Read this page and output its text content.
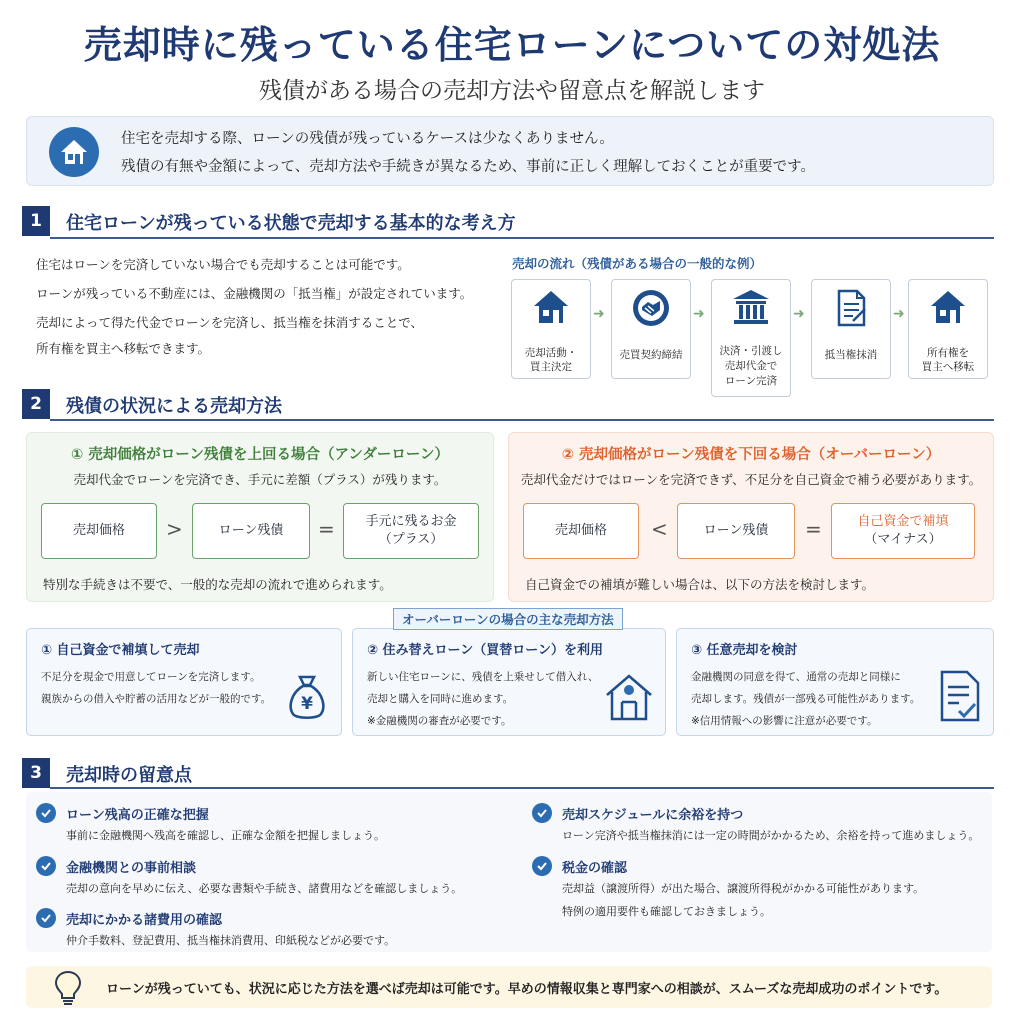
売却時に残っている住宅ローンについての対処法
残債がある場合の売却方法や留意点を解説します
住宅を売却する際、ローンの残債が残っているケースは少なくありません。
残債の有無や金額によって、売却方法や手続きが異なるため、事前に正しく理解しておくことが重要です。
1	住宅ローンが残っている状態で売却する基本的な考え方
住宅はローンを完済していない場合でも売却することは可能です。
ローンが残っている不動産には、金融機関の「抵当権」が設定されています。
売却によって得た代金でローンを完済し、抵当権を抹消することで、
所有権を買主へ移転できます。
売却の流れ（残債がある場合の一般的な例）
売却活動・
買主決定
➜
売買契約締結
➜
決済・引渡し
売却代金で
ローン完済
➜
抵当権抹消
➜
所有権を
買主へ移転
2	残債の状況による売却方法
① 売却価格がローン残債を上回る場合（アンダーローン）
売却代金でローンを完済でき、手元に差額（プラス）が残ります。
売却価格	>	ローン残債	= 手元に残るお金
（プラス）
特別な手続きは不要で、一般的な売却の流れで進められます。
② 売却価格がローン残債を下回る場合（オーバーローン）
売却代金だけではローンを完済できず、不足分を自己資金で補う必要があります。
売却価格	<	ローン残債	=	自己資金で補填
（マイナス）
自己資金での補填が難しい場合は、以下の方法を検討します。
① 自己資金で補填して売却
不足分を現金で用意してローンを完済します。
親族からの借入や貯蓄の活用などが一般的です。 ¥
② 住み替えローン（買替ローン）を利用
新しい住宅ローンに、残債を上乗せして借入れ、
売却と購入を同時に進めます。
※金融機関の審査が必要です。
③ 任意売却を検討
金融機関の同意を得て、通常の売却と同様に
売却します。残債が一部残る可能性があります。
※信用情報への影響に注意が必要です。
オーバーローンの場合の主な売却方法
3	売却時の留意点
ローン残高の正確な把握
事前に金融機関へ残高を確認し、正確な金額を把握しましょう。
金融機関との事前相談
売却の意向を早めに伝え、必要な書類や手続き、諸費用などを確認しましょう。
売却にかかる諸費用の確認
仲介手数料、登記費用、抵当権抹消費用、印紙税などが必要です。
売却スケジュールに余裕を持つ
ローン完済や抵当権抹消には一定の時間がかかるため、余裕を持って進めましょう。
税金の確認
売却益（譲渡所得）が出た場合、譲渡所得税がかかる可能性があります。
特例の適用要件も確認しておきましょう。
ローンが残っていても、状況に応じた方法を選べば売却は可能です。早めの情報収集と専門家への相談が、スムーズな売却成功のポイントです。
